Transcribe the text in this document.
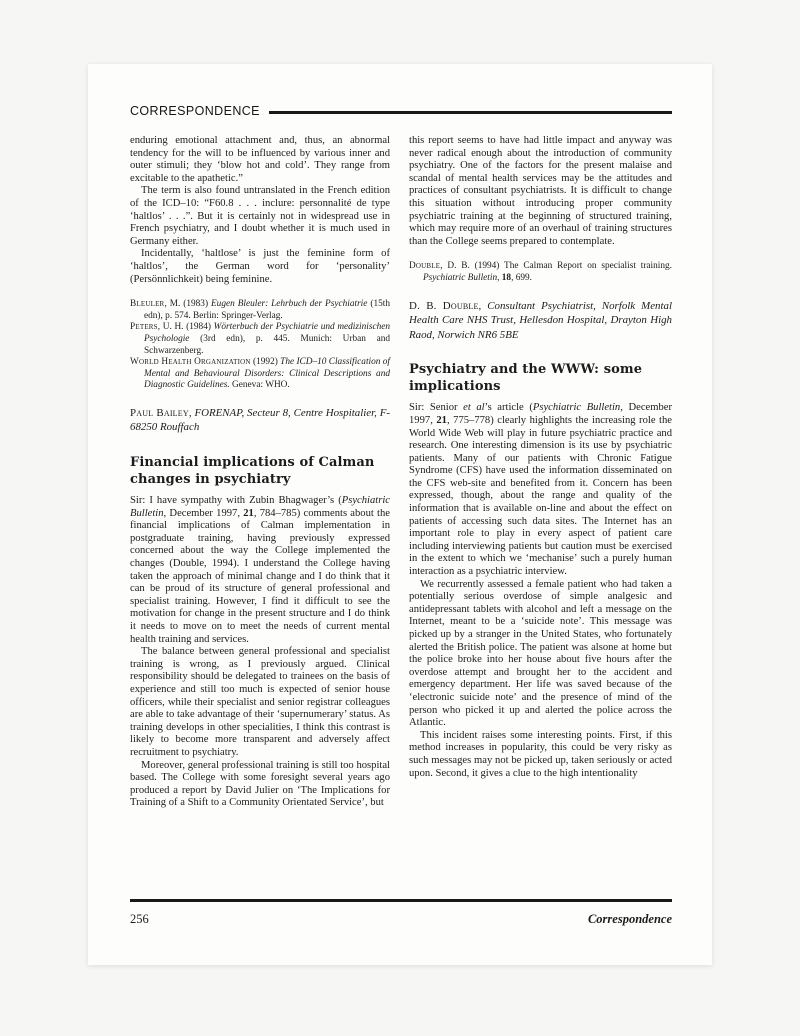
CORRESPONDENCE

enduring emotional attachment and, thus, an abnormal tendency for the will to be influenced by various inner and outer stimuli; they ‘blow hot and cold’. They range from excitable to the apathetic.”

The term is also found untranslated in the French edition of the ICD–10: “F60.8 . . . inclure: personnalité de type ‘haltlos’ . . .”. But it is certainly not in widespread use in French psychiatry, and I doubt whether it is much used in Germany either.

Incidentally, ‘haltlose’ is just the feminine form of ‘haltlos’, the German word for ‘personality’ (Persönnlichkeit) being feminine.

Bleuler, M. (1983) Eugen Bleuler: Lehrbuch der Psychiatrie (15th edn), p. 574. Berlin: Springer-Verlag.

Peters, U. H. (1984) Wörterbuch der Psychiatrie und medizinischen Psychologie (3rd edn), p. 445. Munich: Urban and Schwarzenberg.

World Health Organization (1992) The ICD–10 Classification of Mental and Behavioural Disorders: Clinical Descriptions and Diagnostic Guidelines. Geneva: WHO.

Paul Bailey, FORENAP, Secteur 8, Centre Hospitalier, F-68250 Rouffach

Financial implications of Calman changes in psychiatry

Sir: I have sympathy with Zubin Bhagwager’s (Psychiatric Bulletin, December 1997, 21, 784–785) comments about the financial implications of Calman implementation in postgraduate training, having previously expressed concerned about the way the College implemented the changes (Double, 1994). I understand the College having taken the approach of minimal change and I do think that it can be proud of its structure of general professional and specialist training. However, I find it difficult to see the motivation for change in the present structure and I do think it needs to move on to meet the needs of current mental health training and services.

The balance between general professional and specialist training is wrong, as I previously argued. Clinical responsibility should be delegated to trainees on the basis of experience and still too much is expected of senior house officers, while their specialist and senior registrar colleagues are able to take advantage of their ‘supernumerary’ status. As training develops in other specialities, I think this contrast is likely to become more transparent and adversely affect recruitment to psychiatry.

Moreover, general professional training is still too hospital based. The College with some foresight several years ago produced a report by David Julier on ‘The Implications for Training of a Shift to a Community Orientated Service’, but

this report seems to have had little impact and anyway was never radical enough about the introduction of community psychiatry. One of the factors for the present malaise and scandal of mental health services may be the attitudes and practices of consultant psychiatrists. It is difficult to change this situation without introducing proper community psychiatric training at the beginning of structured training, which may require more of an overhaul of training structures than the College seems prepared to contemplate.

Double, D. B. (1994) The Calman Report on specialist training. Psychiatric Bulletin, 18, 699.

D. B. Double, Consultant Psychiatrist, Norfolk Mental Health Care NHS Trust, Hellesdon Hospital, Drayton High Raod, Norwich NR6 5BE

Psychiatry and the WWW: some implications

Sir: Senior et al’s article (Psychiatric Bulletin, December 1997, 21, 775–778) clearly highlights the increasing role the World Wide Web will play in future psychiatric practice and research. One interesting dimension is its use by psychiatric patients. Many of our patients with Chronic Fatigue Syndrome (CFS) have used the information disseminated on the CFS web-site and benefited from it. Concern has been expressed, though, about the range and quality of the information that is available on-line and about the effect on patients of accessing such data sites. The Internet has an important role to play in every aspect of patient care including interviewing patients but caution must be exercised in the extent to which we ‘mechanise’ such a purely human interaction as a psychiatric interview.

We recurrently assessed a female patient who had taken a potentially serious overdose of simple analgesic and antidepressant tablets with alcohol and left a message on the Internet, meant to be a ‘suicide note’. This message was picked up by a stranger in the United States, who fortunately alerted the British police. The patient was alsone at home but the police broke into her house about five hours after the overdose attempt and brought her to the accident and emergency department. Her life was saved because of the ‘electronic suicide note’ and the presence of mind of the person who picked it up and alerted the police across the Atlantic.

This incident raises some interesting points. First, if this method increases in popularity, this could be very risky as such messages may not be picked up, taken seriously or acted upon. Second, it gives a clue to the high intentionality

256	Correspondence
